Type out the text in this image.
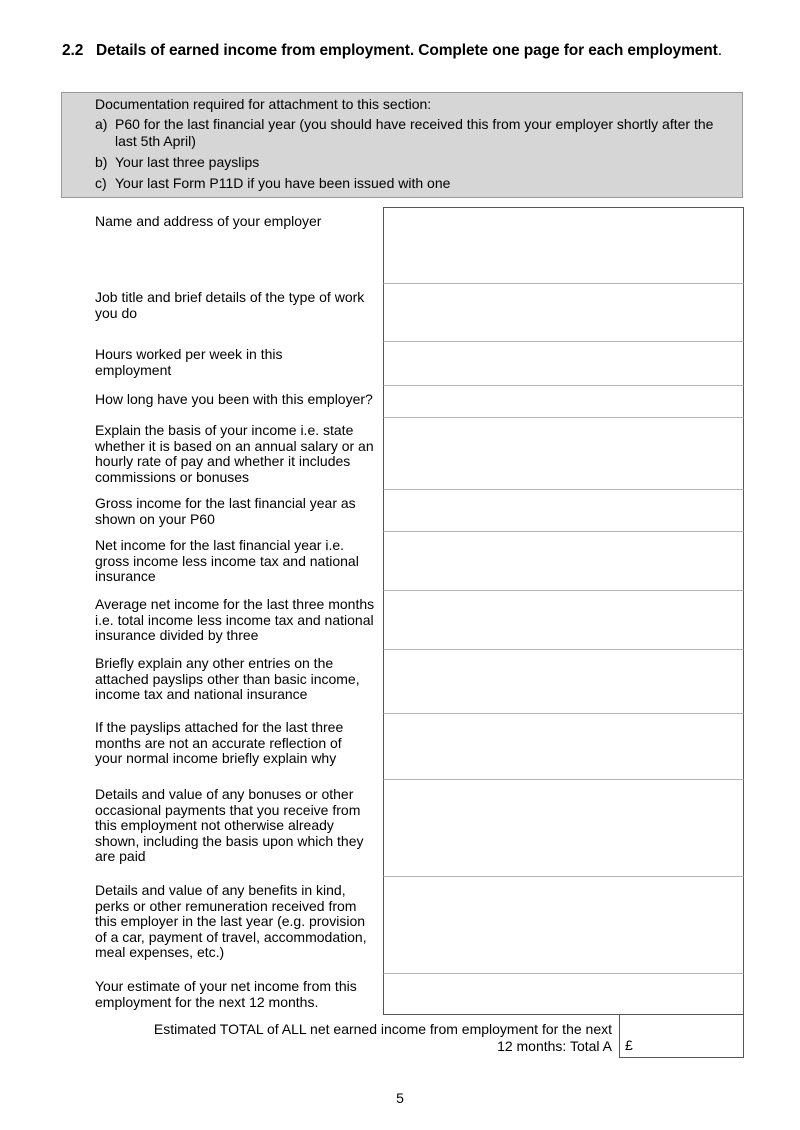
2.2 Details of earned income from employment. Complete one page for each employment.
Documentation required for attachment to this section:
a) P60 for the last financial year (you should have received this from your employer shortly after the last 5th April)
b) Your last three payslips
c) Your last Form P11D if you have been issued with one
Name and address of your employer
Job title and brief details of the type of work you do
Hours worked per week in this employment
How long have you been with this employer?
Explain the basis of your income i.e. state whether it is based on an annual salary or an hourly rate of pay and whether it includes commissions or bonuses
Gross income for the last financial year as shown on your P60
Net income for the last financial year i.e. gross income less income tax and national insurance
Average net income for the last three months i.e. total income less income tax and national insurance divided by three
Briefly explain any other entries on the attached payslips other than basic income, income tax and national insurance
If the payslips attached for the last three months are not an accurate reflection of your normal income briefly explain why
Details and value of any bonuses or other occasional payments that you receive from this employment not otherwise already shown, including the basis upon which they are paid
Details and value of any benefits in kind, perks or other remuneration received from this employer in the last year (e.g. provision of a car, payment of travel, accommodation, meal expenses, etc.)
Your estimate of your net income from this employment for the next 12 months.
Estimated TOTAL of ALL net earned income from employment for the next
12 months: Total A £
5
